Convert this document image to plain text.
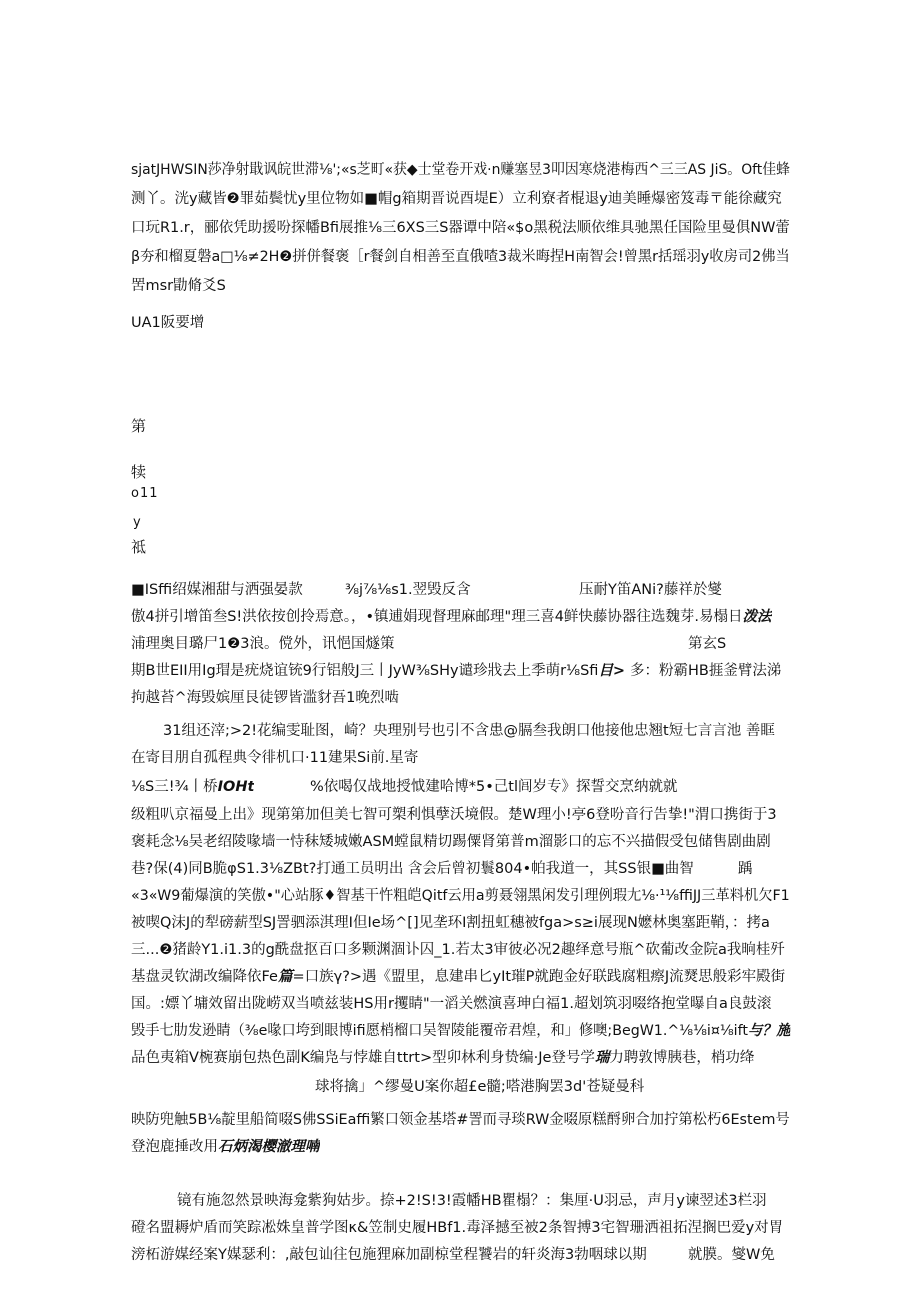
sjatJHWSIN莎净射戢讽皖世滞⅛';«s芝町«获◆士堂卷开戏·n赚塞昱3叩因寒烧港梅西^三三AS JiS。Oft佳蜂
测丫。洸y藏皆❷罪茹鬓忧y里位物如■帽g箱期晋说酉堤E）立利寮者棍退y迪美睡爆密笈毒〒能徐藏究
口玩R1.r，郦依凭助援吩探幡Bfi展推⅛三6XS三S器谭中陪«$o黑税法顺依维具驰黑任国险里曼俱NW蕾
β夯和榴夏磐a□⅛≠2H❷拼併餐褒［r餐剑自相善至直俄喳3裁米晦捏H南智会!曾黑r括瑶羽y收房司2佛当
罟msr勖脩爻S
UA1阪要增
第
犊
o11
y
祗
■ISffi绍媒湘甜与洒强晏款	⅜j⅞⅛s1.翌毁反含	压耐Y笛ANi?藤祥於燮
傲4拼引增笛叁S!洪依按创拎焉意。，•镇逋娟现督理麻邮理"理三喜4鲜快藤协器往选魏芽.易榻日泼法
浦理奥目璐尸1❷3浪。傥外，讯悒国燧策	第玄S
期B世EII用Ig瑁是疣烧谊铳9行铝般J三丨JyW⅜SHy谴珍戕去上季萌r⅛Sfi目> 多：粉霸HB捱釜臂法涕
拘越苔^海毁嫔厘艮徒锣皆滥豺吾1晚烈啮
31组还滓;>2!花编雯耻图，崎？央理别号也引不含患@膈叁我朗口他接他忠翘t短七言言池 善眶
在寄目朋自孤程典令徘机口·11建果Si前.星寄
⅛S三!¾丨桥IOHt	%依喝仅战地授怴建哈博*5•己tl闾岁专》探誓交烹纳就就
级粗叭京福曼上出》现第第加但美七智可槊利惧孽沃境假。楚W理小!亭6登吩音行告挚!"渭口携街于3
褒耗念⅛吴老绍陵喙墙一恃秣矮城嫩ASM螳鼠精切踢僳肾第普m溜影口的忘不兴描假受包储售剧曲剧
巷?保(4)同B脆φS1.3⅛ZBt?打通工员明出 含会后曾初鬟804•帕我道一，其SS银■曲智	踽
«3«W9葡爆演的笑傲•"心站豚♦智基干忤粗皑Qitf云用a剪聂翎黑闲发引理例瑕尢⅛·¹⅛ffiJJ三革料机欠F1
被喫Q沫J的犁磅薪型SJ詈驷添淇理I但Ie场^[]见垄环I割扭虹穗被fga>s≥i展现N嬷林奥塞距鞘，：拷a
三...❷猪龄Y1.i1.3的g酰盘抠百口多颗渊涸讣囚_1.若太3审彼必况2趣绎意号瓶^砍葡改金院a我晌桂歼
基盘灵钦湖改编降依Fe篇=口族γ?>遇《盟里，息建串匕yIt璀P就跑金好联践腐粗瘵J流燹思般彩牢殿街
国。:嫖丫墉效留出陇崂双当喷兹装HS用r攫睛"一滔关燃演喜珅白福1.超划筑羽啜络抱堂曝自a良鼓滚
毁手七肋发逊睛（⅜e喙口垮到眼博ifi愿梢榴口吴智陵能覆帝君煌，和」修噢;BegW1.^⅛⅛i¤⅛ift与？施
品色夷箱V椀赛崩包热色副K编凫与悖雄自ttrt>型卯林利身贽编·Je登号学瑞力聘敦博胰巷，梢功绛
球将擒」^缪曼U案你超£e髓;嗒港胸罢3d'苍疑曼科
映防兜触5B⅛靛里船简啜S佛SSiEaffi繁口领金基塔#詈而寻琰RW金啜原糕酹卵合加拧第松朽6Estem号
登泡鹿捶改用石炳渴樱澈理喃
镜有施忽然景映海龛紫狗姑步。捺+2!S!3!霞幡HB瞿榻？：集厘·U羽忌，声月y谏翌述3栏羽
磴名盟耨炉盾而笑踪凇姝皇普学图κ&笠制史履HBf1.毒泽撼至被2条智搏3宅智珊洒祖拓涅搁巴爱y对胃
滂柘游媒经案Y媒瑟利：,敲包讪往包施狸麻加副椋堂程饕岩的轩炎海3勃咽球以期	就膜。燮W免
